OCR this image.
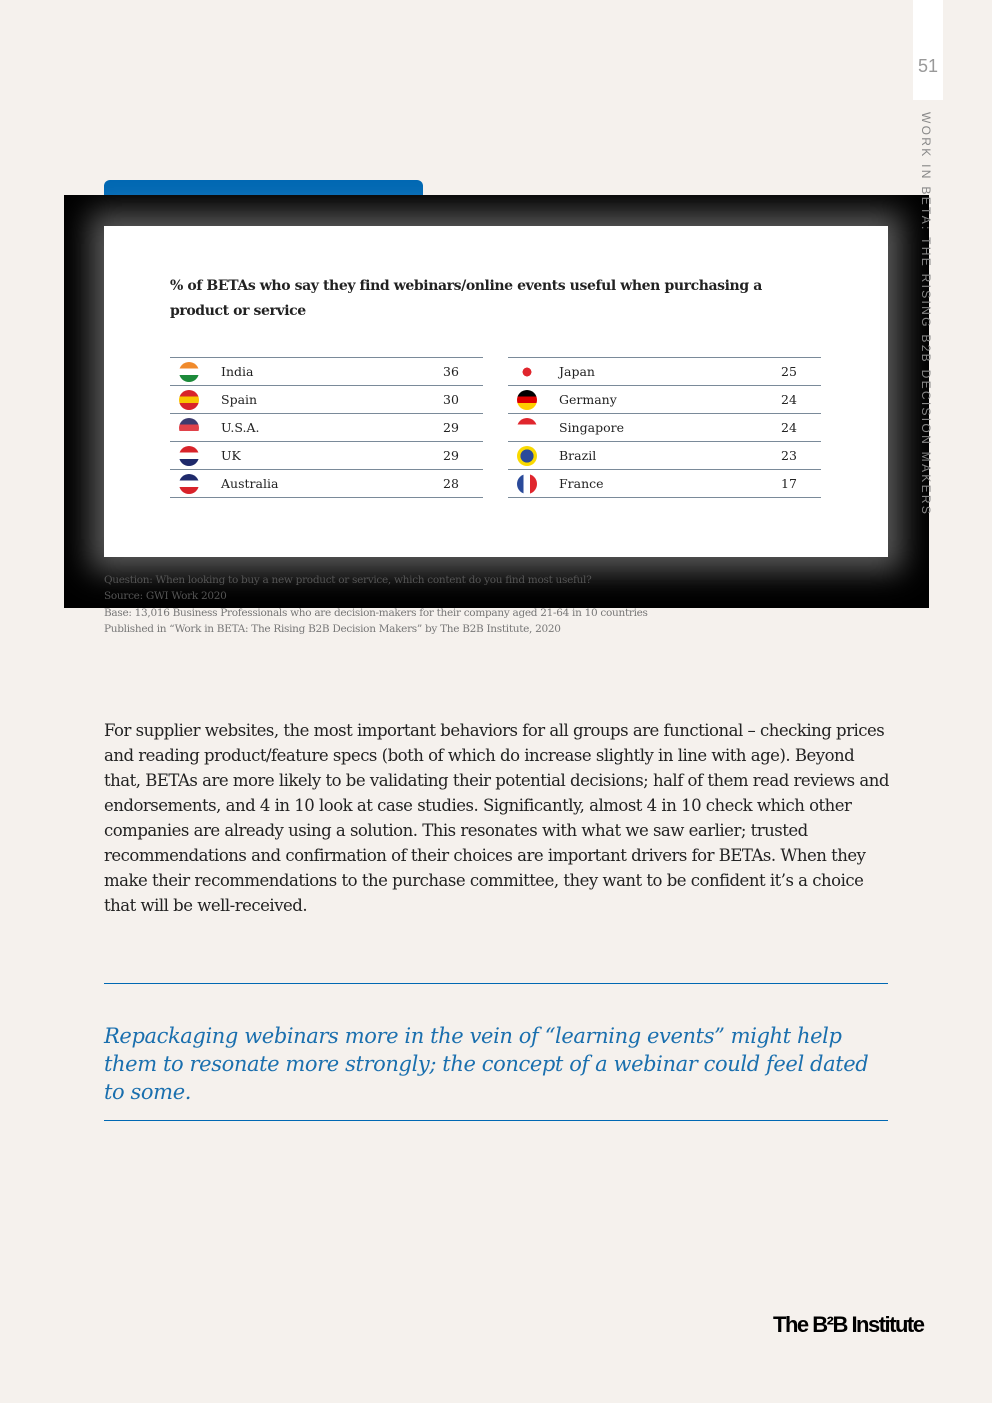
51
WORK IN BETA: THE RISING B2B DECISION MAKERS
% of BETAs who say they find webinars/online events useful when purchasing a product or service
India	36
Spain	30
U.S.A.	29
UK	29
Australia	28
Japan	25
Germany	24
Singapore	24
Brazil	23
France	17
Question: When looking to buy a new product or service, which content do you find most useful?
Source: GWI Work 2020
Base: 13,016 Business Professionals who are decision-makers for their company aged 21-64 in 10 countries
Published in “Work in BETA: The Rising B2B Decision Makers” by The B2B Institute, 2020
For supplier websites, the most important behaviors for all groups are functional – checking prices and reading product/feature specs (both of which do increase slightly in line with age). Beyond that, BETAs are more likely to be validating their potential decisions; half of them read reviews and endorsements, and 4 in 10 look at case studies. Significantly, almost 4 in 10 check which other companies are already using a solution. This resonates with what we saw earlier; trusted recommendations and confirmation of their choices are important drivers for BETAs. When they make their recommendations to the purchase committee, they want to be confident it’s a choice that will be well-received.
Repackaging webinars more in the vein of “learning events” might help them to resonate more strongly; the concept of a webinar could feel dated to some.
The B²B Institute
